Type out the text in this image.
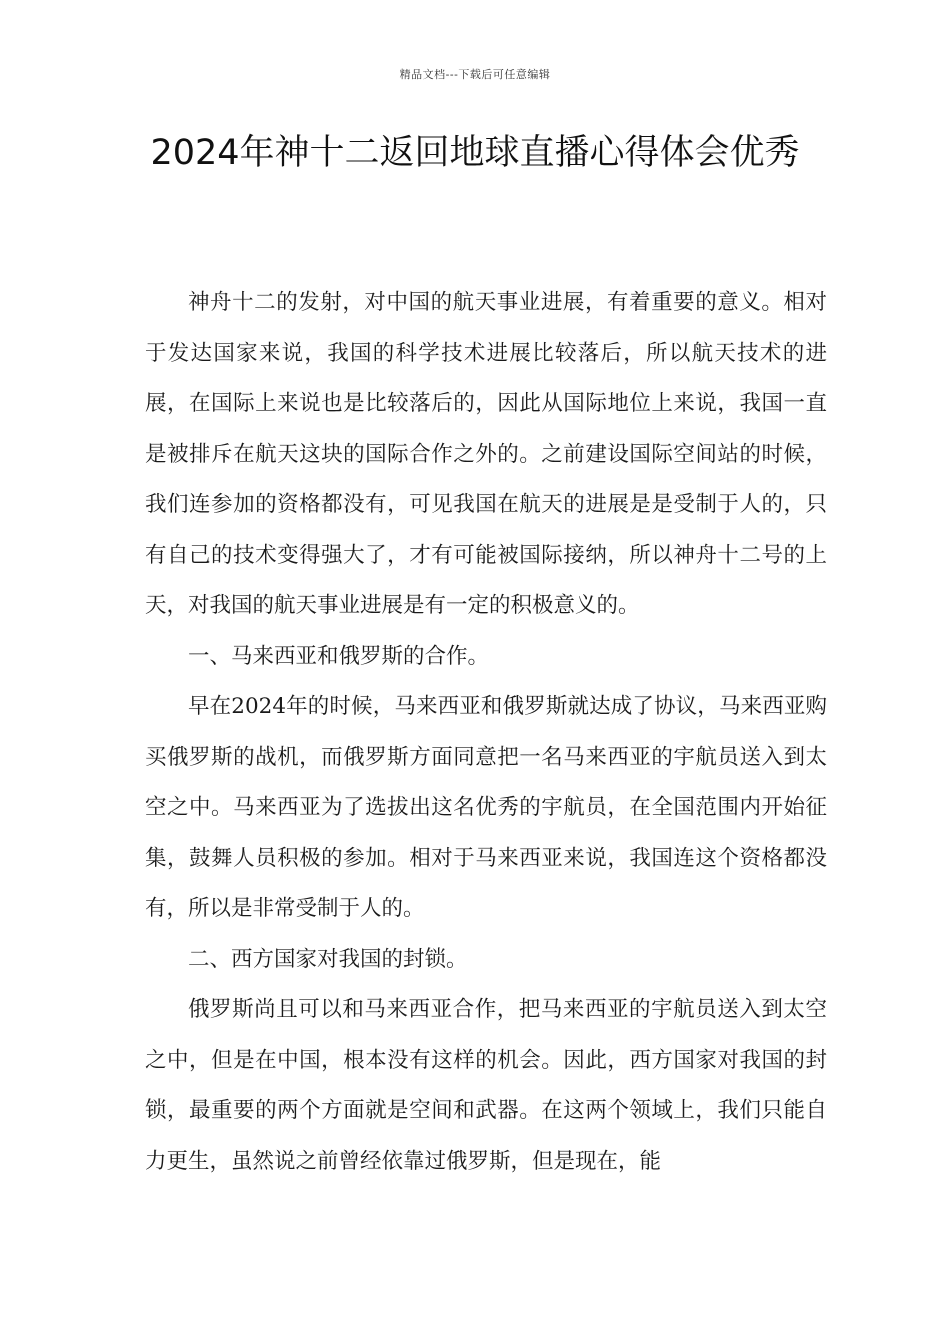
精品文档---下载后可任意编辑
2024年神十二返回地球直播心得体会优秀

神舟十二的发射，对中国的航天事业进展，有着重要的意义。相对于发达国家来说，我国的科学技术进展比较落后，所以航天技术的进展，在国际上来说也是比较落后的，因此从国际地位上来说，我国一直是被排斥在航天这块的国际合作之外的。之前建设国际空间站的时候，我们连参加的资格都没有，可见我国在航天的进展是是受制于人的，只有自己的技术变得强大了，才有可能被国际接纳，所以神舟十二号的上天，对我国的航天事业进展是有一定的积极意义的。

一、马来西亚和俄罗斯的合作。

早在2024年的时候，马来西亚和俄罗斯就达成了协议，马来西亚购买俄罗斯的战机，而俄罗斯方面同意把一名马来西亚的宇航员送入到太空之中。马来西亚为了选拔出这名优秀的宇航员，在全国范围内开始征集，鼓舞人员积极的参加。相对于马来西亚来说，我国连这个资格都没有，所以是非常受制于人的。

二、西方国家对我国的封锁。

俄罗斯尚且可以和马来西亚合作，把马来西亚的宇航员送入到太空之中，但是在中国，根本没有这样的机会。因此，西方国家对我国的封锁，最重要的两个方面就是空间和武器。在这两个领域上，我们只能自力更生，虽然说之前曾经依靠过俄罗斯，但是现在，能
